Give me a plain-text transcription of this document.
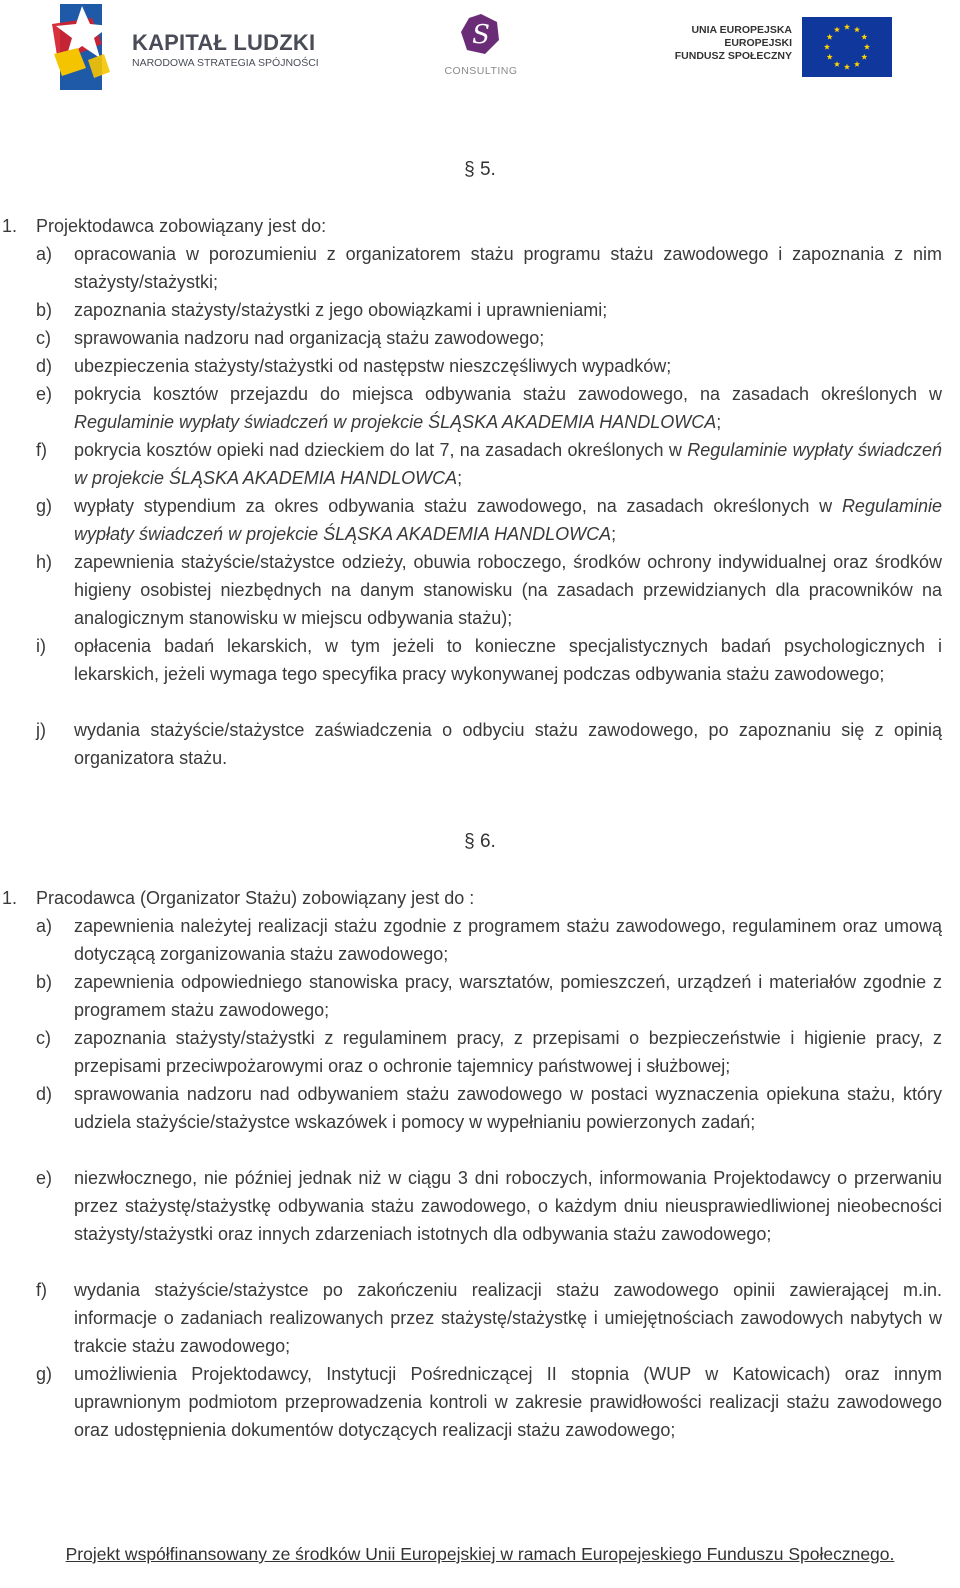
KAPITAŁ LUDZKI
NARODOWA STRATEGIA SPÓJNOŚCI
S
CONSULTING
UNIA EUROPEJSKA
EUROPEJSKI
FUNDUSZ SPOŁECZNY
§ 5.

1. Projektodawca zobowiązany jest do:

a) opracowania w porozumieniu z organizatorem stażu programu stażu zawodowego i zapoznania z nim stażysty/stażystki;

b) zapoznania stażysty/stażystki z jego obowiązkami i uprawnieniami;

c) sprawowania nadzoru nad organizacją stażu zawodowego;

d) ubezpieczenia stażysty/stażystki od następstw nieszczęśliwych wypadków;

e) pokrycia kosztów przejazdu do miejsca odbywania stażu zawodowego, na zasadach określonych w Regulaminie wypłaty świadczeń w projekcie ŚLĄSKA AKADEMIA HANDLOWCA;

f) pokrycia kosztów opieki nad dzieckiem do lat 7, na zasadach określonych w Regulaminie wypłaty świadczeń w projekcie ŚLĄSKA AKADEMIA HANDLOWCA;

g) wypłaty stypendium za okres odbywania stażu zawodowego, na zasadach określonych w Regulaminie wypłaty świadczeń w projekcie ŚLĄSKA AKADEMIA HANDLOWCA;

h) zapewnienia stażyście/stażystce odzieży, obuwia roboczego, środków ochrony indywidualnej oraz środków higieny osobistej niezbędnych na danym stanowisku (na zasadach przewidzianych dla pracowników na analogicznym stanowisku w miejscu odbywania stażu);

i) opłacenia badań lekarskich, w tym jeżeli to konieczne specjalistycznych badań psychologicznych i lekarskich, jeżeli wymaga tego specyfika pracy wykonywanej podczas odbywania stażu zawodowego;

j) wydania stażyście/stażystce zaświadczenia o odbyciu stażu zawodowego, po zapoznaniu się z opinią organizatora stażu.

§ 6.

1. Pracodawca (Organizator Stażu) zobowiązany jest do :

a) zapewnienia należytej realizacji stażu zgodnie z programem stażu zawodowego, regulaminem oraz umową dotyczącą zorganizowania stażu zawodowego;

b) zapewnienia odpowiedniego stanowiska pracy, warsztatów, pomieszczeń, urządzeń i materiałów zgodnie z programem stażu zawodowego;

c) zapoznania stażysty/stażystki z regulaminem pracy, z przepisami o bezpieczeństwie i higienie pracy, z przepisami przeciwpożarowymi oraz o ochronie tajemnicy państwowej i służbowej;

d) sprawowania nadzoru nad odbywaniem stażu zawodowego w postaci wyznaczenia opiekuna stażu, który udziela stażyście/stażystce wskazówek i pomocy w wypełnianiu powierzonych zadań;

e) niezwłocznego, nie później jednak niż w ciągu 3 dni roboczych, informowania Projektodawcy o przerwaniu przez stażystę/stażystkę odbywania stażu zawodowego, o każdym dniu nieusprawiedliwionej nieobecności stażysty/stażystki oraz innych zdarzeniach istotnych dla odbywania stażu zawodowego;

f) wydania stażyście/stażystce po zakończeniu realizacji stażu zawodowego opinii zawierającej m.in. informacje o zadaniach realizowanych przez stażystę/stażystkę i umiejętnościach zawodowych nabytych w trakcie stażu zawodowego;

g) umożliwienia Projektodawcy, Instytucji Pośredniczącej II stopnia (WUP w Katowicach) oraz innym uprawnionym podmiotom przeprowadzenia kontroli w zakresie prawidłowości realizacji stażu zawodowego oraz udostępnienia dokumentów dotyczących realizacji stażu zawodowego;

Projekt współfinansowany ze środków Unii Europejskiej w ramach Europejeskiego Funduszu Społecznego.
